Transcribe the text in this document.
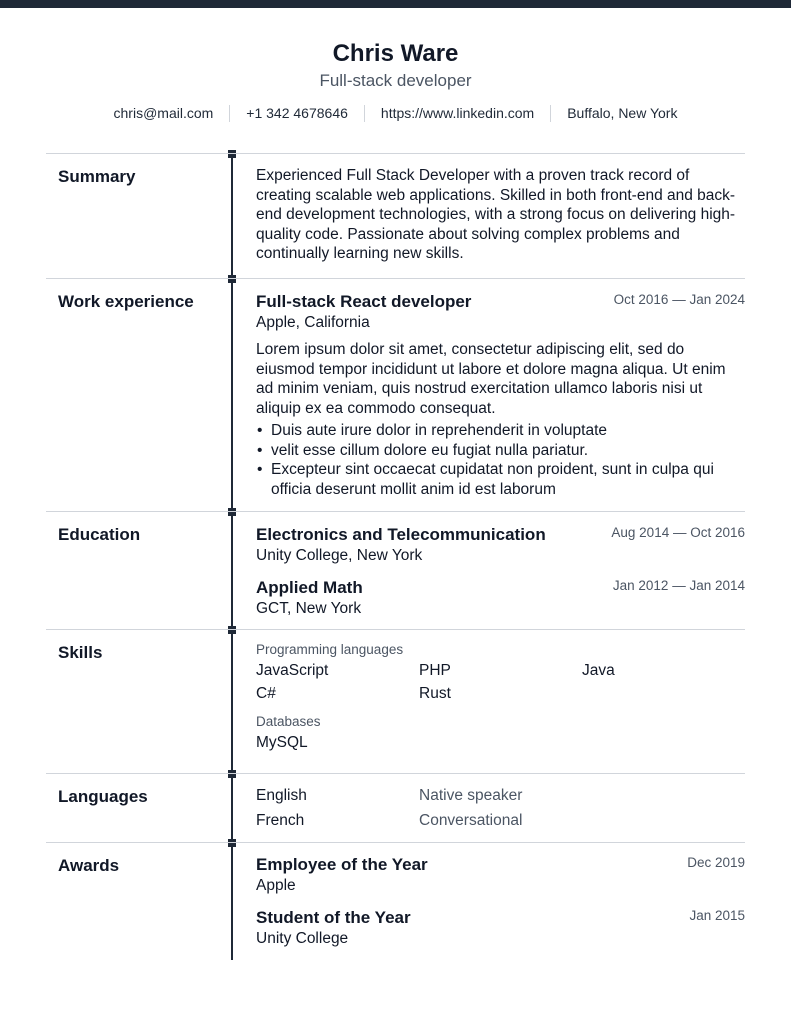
Chris Ware
Full-stack developer
chris@mail.com	+1 342 4678646	https://www.linkedin.com	Buffalo, New York
Summary	Experienced Full Stack Developer with a proven track record of creating scalable web applications. Skilled in both front-end and back-end development technologies, with a strong focus on delivering high-quality code. Passionate about solving complex problems and continually learning new skills.
Work experience	Full-stack React developer	Oct 2016 — Jan 2024
Apple, California
Lorem ipsum dolor sit amet, consectetur adipiscing elit, sed do eiusmod tempor incididunt ut labore et dolore magna aliqua. Ut enim ad minim veniam, quis nostrud exercitation ullamco laboris nisi ut aliquip ex ea commodo consequat.
• Duis aute irure dolor in reprehenderit in voluptate
• velit esse cillum dolore eu fugiat nulla pariatur.
• Excepteur sint occaecat cupidatat non proident, sunt in culpa qui officia deserunt mollit anim id est laborum
Education	Electronics and Telecommunication	Aug 2014 — Oct 2016
Unity College, New York
Applied Math	Jan 2012 — Jan 2014
GCT, New York
Skills	Programming languages
JavaScript	PHP	Java
C#	Rust
Databases
MySQL
Languages	English	Native speaker
French	Conversational
Awards	Employee of the Year	Dec 2019
Apple
Student of the Year	Jan 2015
Unity College
